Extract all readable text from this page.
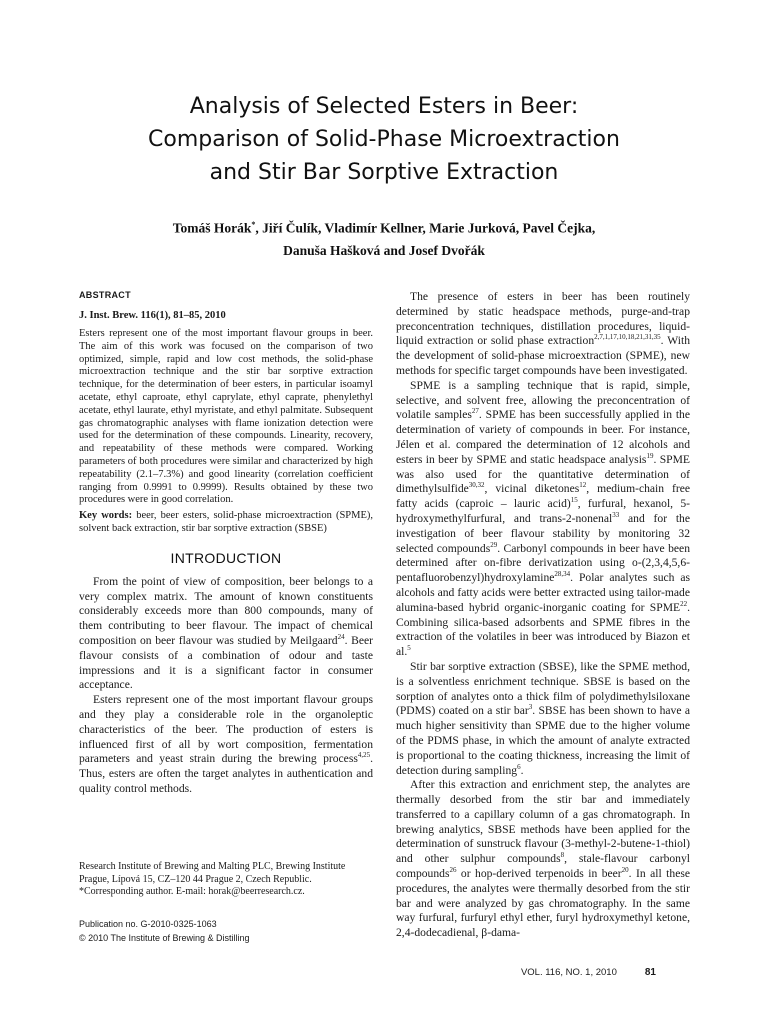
Analysis of Selected Esters in Beer:
Comparison of Solid-Phase Microextraction
and Stir Bar Sorptive Extraction
Tomáš Horák*, Jiří Čulík, Vladimír Kellner, Marie Jurková, Pavel Čejka,
Danuša Hašková and Josef Dvořák
ABSTRACT
J. Inst. Brew. 116(1), 81–85, 2010

Esters represent one of the most important flavour groups in beer. The aim of this work was focused on the comparison of two optimized, simple, rapid and low cost methods, the solid-phase microextraction technique and the stir bar sorptive extraction technique, for the determination of beer esters, in particular isoamyl acetate, ethyl caproate, ethyl caprylate, ethyl caprate, phenylethyl acetate, ethyl laurate, ethyl myristate, and ethyl palmitate. Subsequent gas chromatographic analyses with flame ionization detection were used for the determination of these compounds. Linearity, recovery, and repeatability of these methods were compared. Working parameters of both procedures were similar and characterized by high repeatability (2.1–7.3%) and good linearity (correlation coefficient ranging from 0.9991 to 0.9999). Results obtained by these two procedures were in good correlation.

Key words: beer, beer esters, solid-phase microextraction (SPME), solvent back extraction, stir bar sorptive extraction (SBSE)

INTRODUCTION

From the point of view of composition, beer belongs to a very complex matrix. The amount of known constituents considerably exceeds more than 800 compounds, many of them contributing to beer flavour. The impact of chemical composition on beer flavour was studied by Meilgaard$^{24}$. Beer flavour consists of a combination of odour and taste impressions and it is a significant factor in consumer acceptance.

Esters represent one of the most important flavour groups and they play a considerable role in the organoleptic characteristics of the beer. The production of esters is influenced first of all by wort composition, fermentation parameters and yeast strain during the brewing process$^{4,25}$. Thus, esters are often the target analytes in authentication and quality control methods.

Research Institute of Brewing and Malting PLC, Brewing Institute Prague, Lípová 15, CZ–120 44 Prague 2, Czech Republic.
*Corresponding author. E-mail: horak@beerresearch.cz.
Publication no. G-2010-0325-1063
© 2010 The Institute of Brewing & Distilling

The presence of esters in beer has been routinely determined by static headspace methods, purge-and-trap preconcentration techniques, distillation procedures, liquid-liquid extraction or solid phase extraction$^{2,7,1,17,10,18,21,31,35}$. With the development of solid-phase microextraction (SPME), new methods for specific target compounds have been investigated.

SPME is a sampling technique that is rapid, simple, selective, and solvent free, allowing the preconcentration of volatile samples$^{27}$. SPME has been successfully applied in the determination of variety of compounds in beer. For instance, Jélen et al. compared the determination of 12 alcohols and esters in beer by SPME and static headspace analysis$^{19}$. SPME was also used for the quantitative determination of dimethylsulfide$^{30,32}$, vicinal diketones$^{12}$, medium-chain free fatty acids (caproic – lauric acid)$^{15}$, furfural, hexanol, 5-hydroxymethylfurfural, and trans-2-nonenal$^{33}$ and for the investigation of beer flavour stability by monitoring 32 selected compounds$^{29}$. Carbonyl compounds in beer have been determined after on-fibre derivatization using o-(2,3,4,5,6-pentafluorobenzyl)hydroxylamine$^{28,34}$. Polar analytes such as alcohols and fatty acids were better extracted using tailor-made alumina-based hybrid organic-inorganic coating for SPME$^{22}$. Combining silica-based adsorbents and SPME fibres in the extraction of the volatiles in beer was introduced by Biazon et al.$^5$

Stir bar sorptive extraction (SBSE), like the SPME method, is a solventless enrichment technique. SBSE is based on the sorption of analytes onto a thick film of polydimethylsiloxane (PDMS) coated on a stir bar$^3$. SBSE has been shown to have a much higher sensitivity than SPME due to the higher volume of the PDMS phase, in which the amount of analyte extracted is proportional to the coating thickness, increasing the limit of detection during sampling$^6$.

After this extraction and enrichment step, the analytes are thermally desorbed from the stir bar and immediately transferred to a capillary column of a gas chromatograph. In brewing analytics, SBSE methods have been applied for the determination of sunstruck flavour (3-methyl-2-butene-1-thiol) and other sulphur compounds$^8$, stale-flavour carbonyl compounds$^{26}$ or hop-derived terpenoids in beer$^{20}$. In all these procedures, the analytes were thermally desorbed from the stir bar and were analyzed by gas chromatography. In the same way furfural, furfuryl ethyl ether, furyl hydroxymethyl ketone, 2,4-dodecadienal, β-dama-

VOL. 116, NO. 1, 2010	81
